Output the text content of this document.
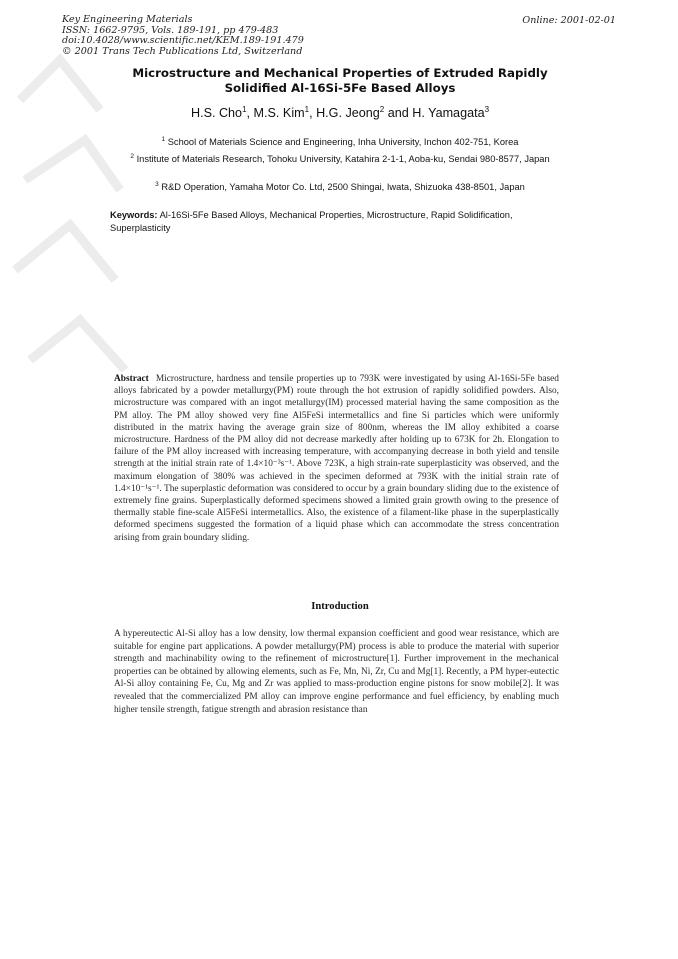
Key Engineering Materials
ISSN: 1662-9795, Vols. 189-191, pp 479-483
doi:10.4028/www.scientific.net/KEM.189-191.479
© 2001 Trans Tech Publications Ltd, Switzerland
Online: 2001-02-01
Microstructure and Mechanical Properties of Extruded Rapidly
Solidified Al-16Si-5Fe Based Alloys
H.S. Cho$^1$, M.S. Kim$^1$, H.G. Jeong$^2$ and H. Yamagata$^3$
$^1$ School of Materials Science and Engineering, Inha University, Inchon 402-751, Korea
$^2$ Institute of Materials Research, Tohoku University, Katahira 2-1-1, Aoba-ku, Sendai 980-8577, Japan
$^3$ R&D Operation, Yamaha Motor Co. Ltd, 2500 Shingai, Iwata, Shizuoka 438-8501, Japan
Keywords: Al-16Si-5Fe Based Alloys, Mechanical Properties, Microstructure, Rapid Solidification, Superplasticity
Abstract Microstructure, hardness and tensile properties up to 793K were investigated by using Al-16Si-5Fe based alloys fabricated by a powder metallurgy(PM) route through the hot extrusion of rapidly solidified powders. Also, microstructure was compared with an ingot metallurgy(IM) processed material having the same composition as the PM alloy. The PM alloy showed very fine Al5FeSi intermetallics and fine Si particles which were uniformly distributed in the matrix having the average grain size of 800nm, whereas the IM alloy exhibited a coarse microstructure. Hardness of the PM alloy did not decrease markedly after holding up to 673K for 2h. Elongation to failure of the PM alloy increased with increasing temperature, with accompanying decrease in both yield and tensile strength at the initial strain rate of 1.4×10⁻³s⁻¹. Above 723K, a high strain-rate superplasticity was observed, and the maximum elongation of 380% was achieved in the specimen deformed at 793K with the initial strain rate of 1.4×10⁻¹s⁻¹. The superplastic deformation was considered to occur by a grain boundary sliding due to the existence of extremely fine grains. Superplastically deformed specimens showed a limited grain growth owing to the presence of thermally stable fine-scale Al5FeSi intermetallics. Also, the existence of a filament-like phase in the superplastically deformed specimens suggested the formation of a liquid phase which can accommodate the stress concentration arising from grain boundary sliding.
Introduction
A hypereutectic Al-Si alloy has a low density, low thermal expansion coefficient and good wear resistance, which are suitable for engine part applications. A powder metallurgy(PM) process is able to produce the material with superior strength and machinability owing to the refinement of microstructure[1]. Further improvement in the mechanical properties can be obtained by allowing elements, such as Fe, Mn, Ni, Zr, Cu and Mg[1]. Recently, a PM hyper-eutectic Al-Si alloy containing Fe, Cu, Mg and Zr was applied to mass-production engine pistons for snow mobile[2]. It was revealed that the commercialized PM alloy can improve engine performance and fuel efficiency, by enabling much higher tensile strength, fatigue strength and abrasion resistance than
